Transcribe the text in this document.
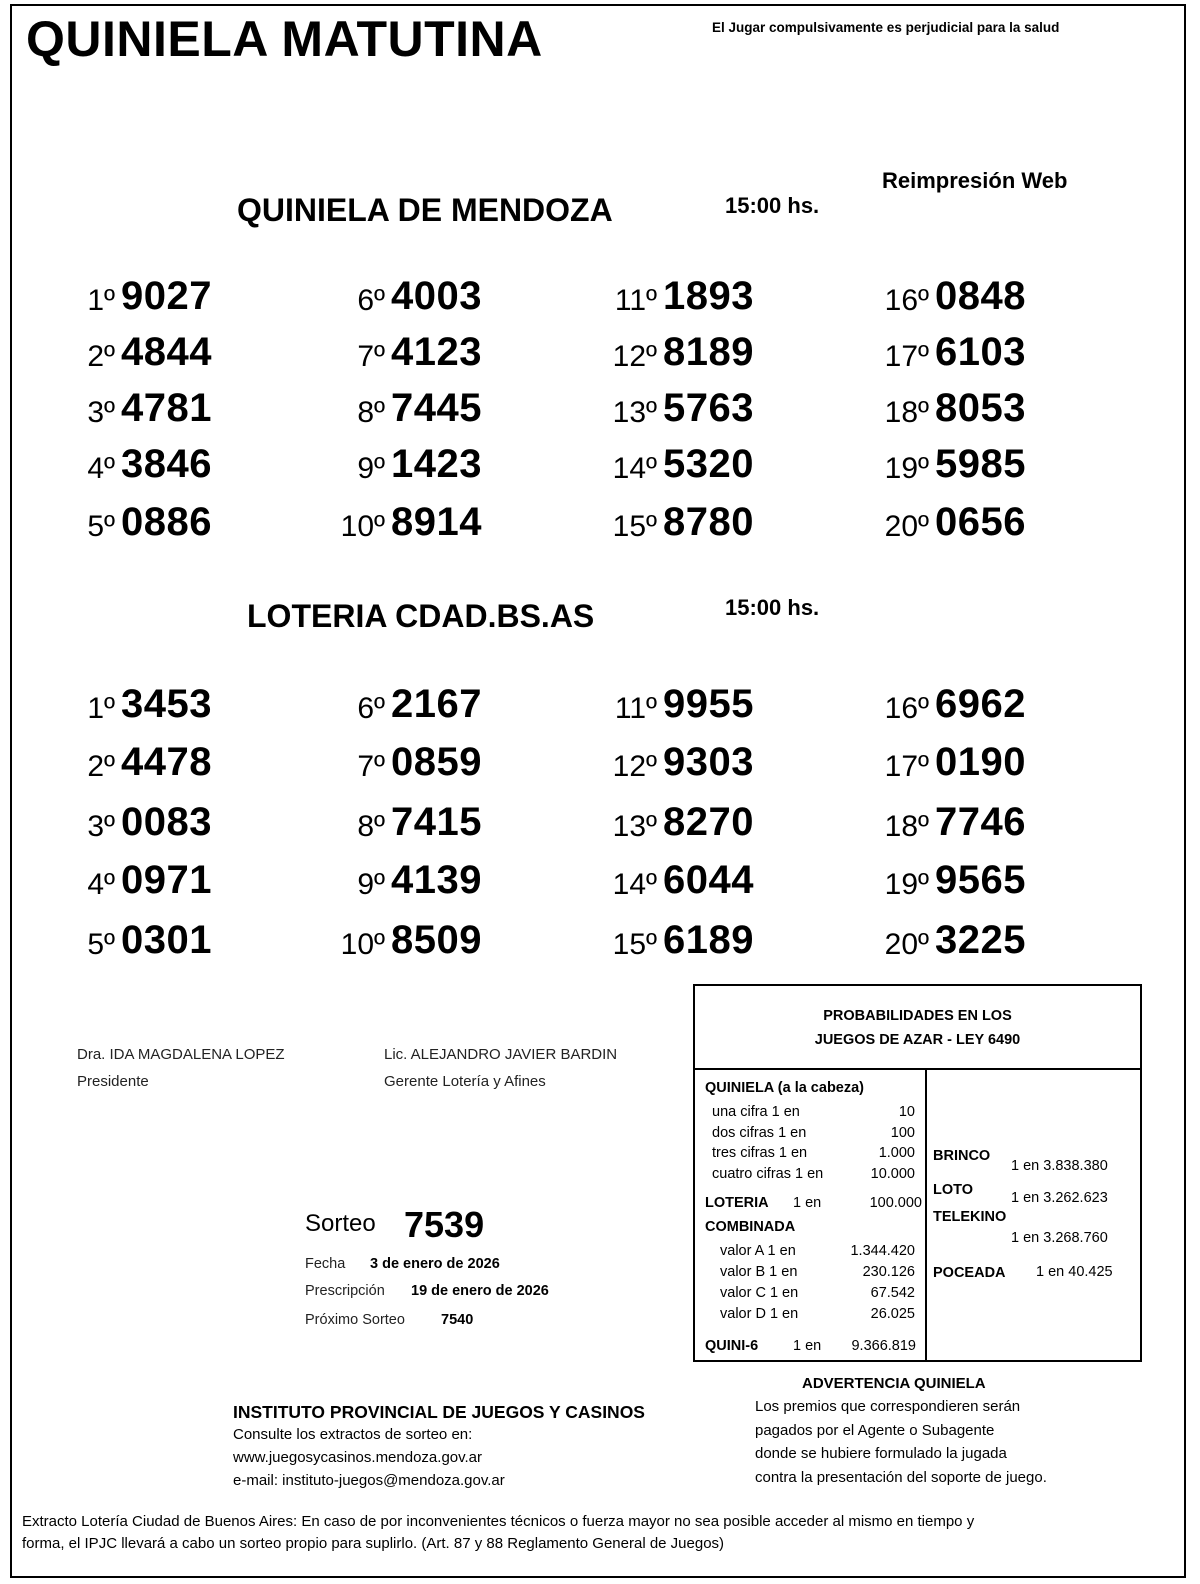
QUINIELA MATUTINA	El Jugar compulsivamente es perjudicial para la salud
Reimpresión Web
QUINIELA DE MENDOZA	15:00 hs.
1º 9027
2º 4844
3º 4781
4º 3846
5º 0886
6º 4003
7º 4123
8º 7445
9º 1423
10º 8914
11º 1893
12º 8189
13º 5763
14º 5320
15º 8780
16º 0848
17º 6103
18º 8053
19º 5985
20º 0656
LOTERIA CDAD.BS.AS	15:00 hs.
1º 3453
2º 4478
3º 0083
4º 0971
5º 0301
6º 2167
7º 0859
8º 7415
9º 4139
10º 8509
11º 9955
12º 9303
13º 8270
14º 6044
15º 6189
16º 6962
17º 0190
18º 7746
19º 9565
20º 3225
Dra. IDA MAGDALENA LOPEZ
Presidente
Lic. ALEJANDRO JAVIER BARDIN
Gerente Lotería y Afines
PROBABILIDADES EN LOS
JUEGOS DE AZAR - LEY 6490
QUINIELA (a la cabeza)
una cifra 1 en	10
dos cifras 1 en	100
tres cifras 1 en	1.000
cuatro cifras 1 en	10.000
LOTERIA 1 en	100.000
COMBINADA
valor A 1 en	1.344.420
valor B 1 en	230.126
valor C 1 en	67.542
valor D 1 en	26.025
QUINI-6 1 en 9.366.819
BRINCO
1 en 3.838.380
LOTO	1 en 3.262.623
TELEKINO
1 en 3.268.760
POCEADA 1 en 40.425
Sorteo 7539
Fecha 3 de enero de 2026
Prescripción 19 de enero de 2026
Próximo Sorteo 7540
INSTITUTO PROVINCIAL DE JUEGOS Y CASINOS
Consulte los extractos de sorteo en:
www.juegosycasinos.mendoza.gov.ar
e-mail: instituto-juegos@mendoza.gov.ar
ADVERTENCIA QUINIELA
Los premios que correspondieren serán
pagados por el Agente o Subagente
donde se hubiere formulado la jugada
contra la presentación del soporte de juego.
Extracto Lotería Ciudad de Buenos Aires: En caso de por inconvenientes técnicos o fuerza mayor no sea posible acceder al mismo en tiempo y
forma, el IPJC llevará a cabo un sorteo propio para suplirlo. (Art. 87 y 88 Reglamento General de Juegos)
